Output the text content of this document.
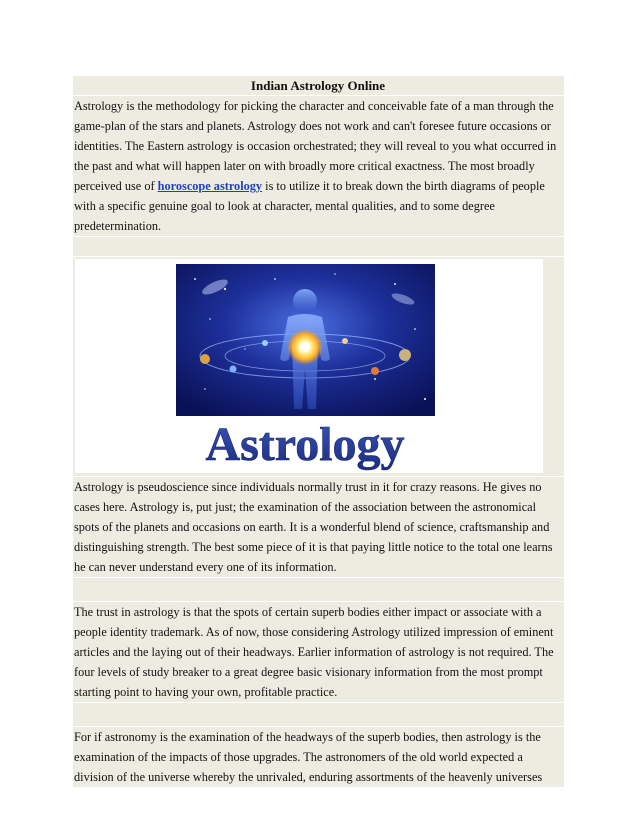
Indian Astrology Online

Astrology is the methodology for picking the character and conceivable fate of a man through the game-plan of the stars and planets. Astrology does not work and can't foresee future occasions or identities. The Eastern astrology is occasion orchestrated; they will reveal to you what occurred in the past and what will happen later on with broadly more critical exactness. The most broadly perceived use of horoscope astrology is to utilize it to break down the birth diagrams of people with a specific genuine goal to look at character, mental qualities, and to some degree predetermination.

Astrology

Astrology is pseudoscience since individuals normally trust in it for crazy reasons. He gives no cases here. Astrology is, put just; the examination of the association between the astronomical spots of the planets and occasions on earth. It is a wonderful blend of science, craftsmanship and distinguishing strength. The best some piece of it is that paying little notice to the total one learns he can never understand every one of its information.

The trust in astrology is that the spots of certain superb bodies either impact or associate with a people identity trademark. As of now, those considering Astrology utilized impression of eminent articles and the laying out of their headways. Earlier information of astrology is not required. The four levels of study breaker to a great degree basic visionary information from the most prompt starting point to having your own, profitable practice.

For if astronomy is the examination of the headways of the superb bodies, then astrology is the examination of the impacts of those upgrades. The astronomers of the old world expected a division of the universe whereby the unrivaled, enduring assortments of the heavenly universes
